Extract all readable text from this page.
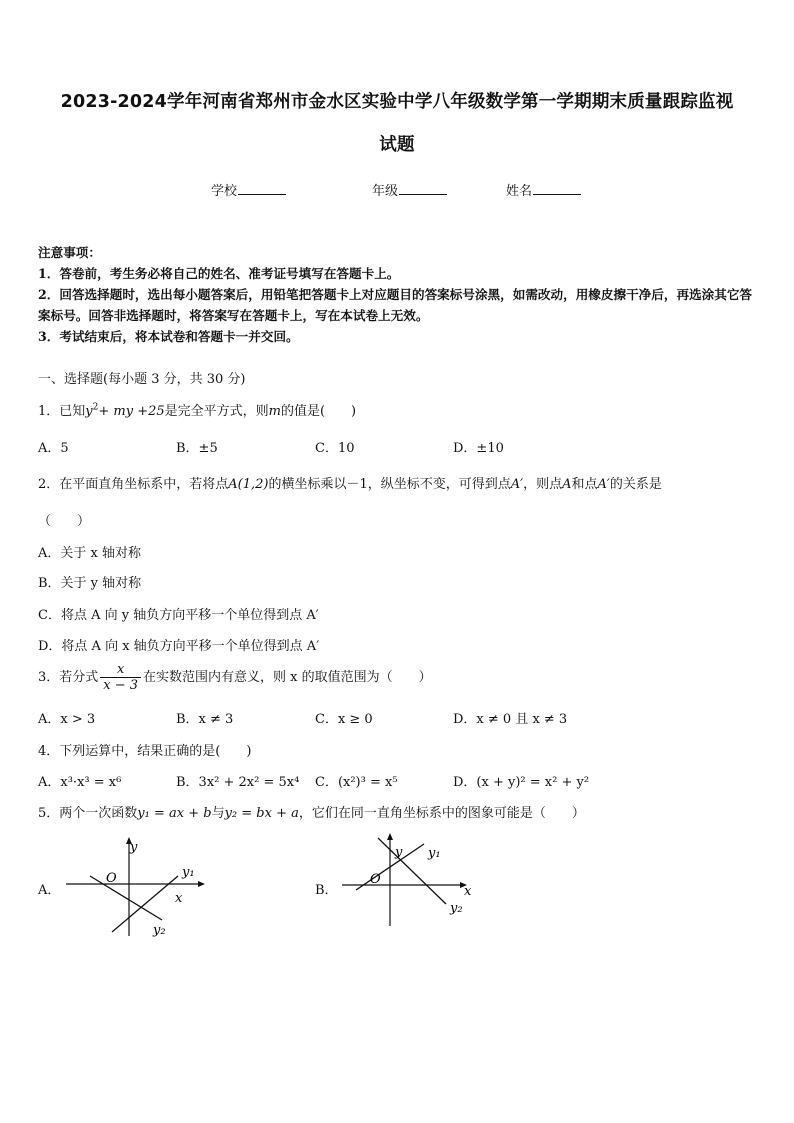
2023-2024学年河南省郑州市金水区实验中学八年级数学第一学期期末质量跟踪监视
试题
学校	年级	姓名

注意事项：

1．答卷前，考生务必将自己的姓名、准考证号填写在答题卡上。

2．回答选择题时，选出每小题答案后，用铅笔把答题卡上对应题目的答案标号涂黑，如需改动，用橡皮擦干净后，再选涂其它答案标号。回答非选择题时，将答案写在答题卡上，写在本试卷上无效。

3．考试结束后，将本试卷和答题卡一并交回。

一、选择题(每小题 3 分，共 30 分)
1．已知$y^2+$ my +25是完全平方式，则m的值是(　　)
A．5	B．±5	C．10	D．±10
2．在平面直角坐标系中，若将点A(1,2)的横坐标乘以－1，纵坐标不变，可得到点A′，则点A和点A′的关系是
（　　）
A．关于 x 轴对称
B．关于 y 轴对称
C．将点 A 向 y 轴负方向平移一个单位得到点 A′
D．将点 A 向 x 轴负方向平移一个单位得到点 A′
3．若分式 $\frac{x}{x - 3}$ 在实数范围内有意义，则 x 的取值范围为（　　）
A．x > 3	B．x ≠ 3	C．x ≥ 0	D．x ≠ 0 且 x ≠ 3
4．下列运算中，结果正确的是(　　)
A．x³·x³ = x⁶	B．3x² + 2x² = 5x⁴ C．(x²)³ = x⁵	D．(x + y)² = x² + y²
5．两个一次函数y₁ = ax + b与y₂ = bx + a，它们在同一直角坐标系中的图象可能是（　　）
A．
y
O
x
y₁
y₂
B．
y
O
x
y₁
y₂
